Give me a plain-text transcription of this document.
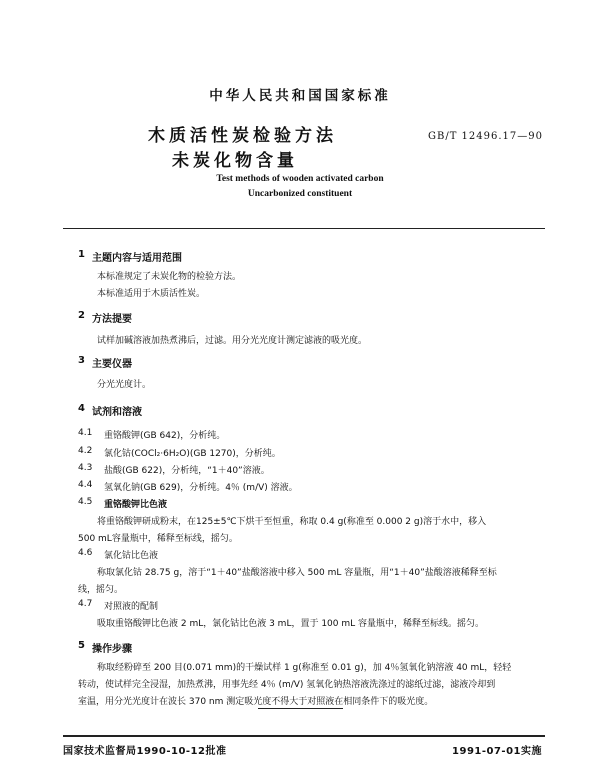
中华人民共和国国家标准
木质活性炭检验方法
未炭化物含量
GB/T 12496.17—90
Test methods of wooden activated carbon
Uncarbonized constituent
1 主题内容与适用范围
本标准规定了未炭化物的检验方法。
本标准适用于木质活性炭。
2 方法提要
试样加碱溶液加热煮沸后，过滤。用分光光度计测定滤液的吸光度。
3 主要仪器
分光光度计。
4 试剂和溶液
4.1 重铬酸钾(GB 642)，分析纯。
4.2 氯化钴(COCl₂·6H₂O)(GB 1270)，分析纯。
4.3 盐酸(GB 622)，分析纯，“1＋40”溶液。
4.4 氢氧化钠(GB 629)，分析纯。4％ (m/V) 溶液。
4.5 重铬酸钾比色液
将重铬酸钾研成粉末，在125±5℃下烘干至恒重，称取 0.4 g(称准至 0.000 2 g)溶于水中，移入
500 mL容量瓶中，稀释至标线，摇匀。
4.6 氯化钴比色液
称取氯化钴 28.75 g，溶于“1＋40”盐酸溶液中移入 500 mL 容量瓶，用“1＋40”盐酸溶液稀释至标
线，摇匀。
4.7 对照液的配制
吸取重铬酸钾比色液 2 mL，氯化钴比色液 3 mL，置于 100 mL 容量瓶中，稀释至标线。摇匀。
5 操作步骤
称取经粉碎至 200 目(0.071 mm)的干燥试样 1 g(称准至 0.01 g)，加 4％氢氧化钠溶液 40 mL，轻轻
转动，使试样完全浸湿，加热煮沸，用事先经 4％ (m/V) 氢氧化钠热溶液洗涤过的滤纸过滤，滤液冷却到
室温，用分光光度计在波长 370 nm 测定吸光度不得大于对照液在相同条件下的吸光度。
国家技术监督局1990-10-12批准	1991-07-01实施
